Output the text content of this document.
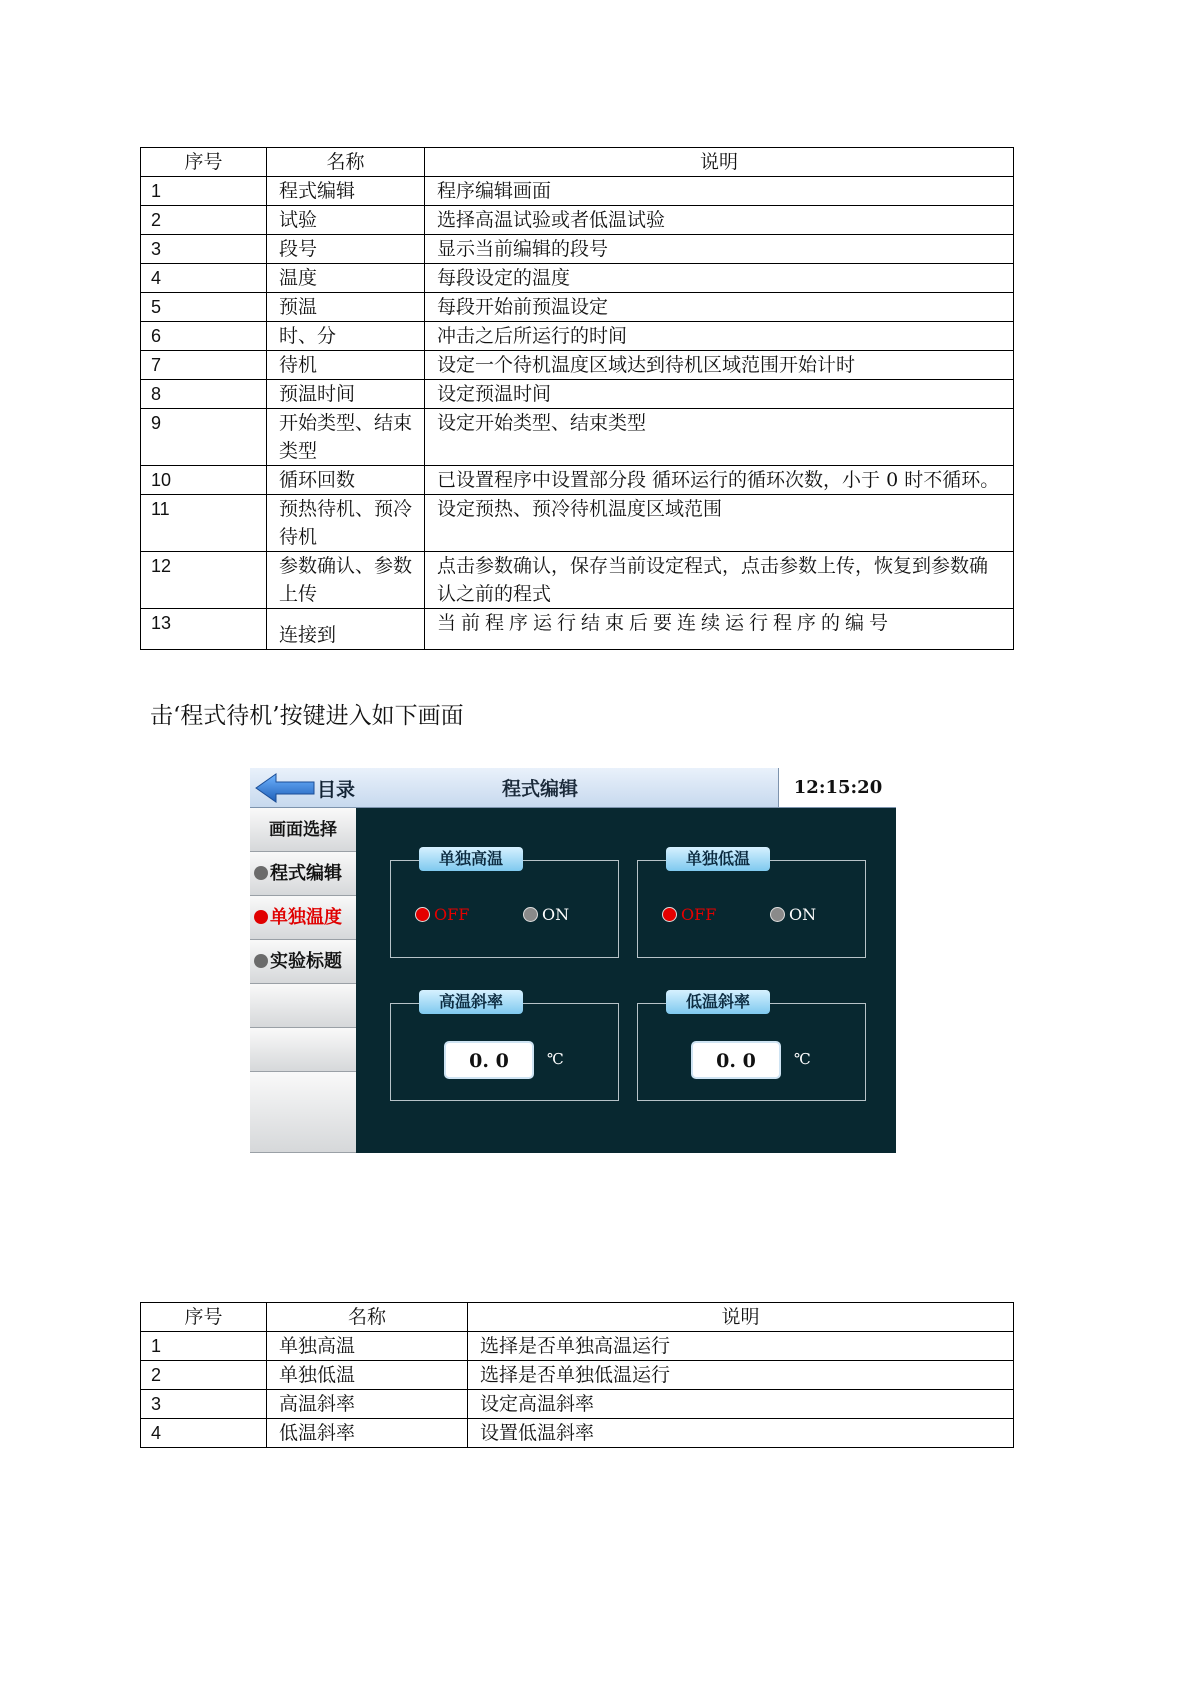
序号	名称	说明
1	程式编辑	程序编辑画面
2	试验	选择高温试验或者低温试验
3	段号	显示当前编辑的段号
4	温度	每段设定的温度
5	预温	每段开始前预温设定
6	时、分	冲击之后所运行的时间
7	待机	设定一个待机温度区域达到待机区域范围开始计时
8	预温时间	设定预温时间
9	开始类型、结束类型	设定开始类型、结束类型
10	循环回数	已设置程序中设置部分段 循环运行的循环次数，小于 0 时不循环。
11	预热待机、预冷待机	设定预热、预冷待机温度区域范围
12	参数确认、参数上传	点击参数确认，保存当前设定程式，点击参数上传，恢复到参数确认之前的程式
13	连接到	当前程序运行结束后要连续运行程序的编号
击‘程式待机’按键进入如下画面
目录	程式编辑	12:15:20
画面选择
程式编辑
单独温度
实验标题
单独高温
OFF	ON
单独低温
OFF	ON
高温斜率
0. 0	℃
低温斜率
0. 0	℃
序号	名称	说明
1	单独高温	选择是否单独高温运行
2	单独低温	选择是否单独低温运行
3	高温斜率	设定高温斜率
4	低温斜率	设置低温斜率
